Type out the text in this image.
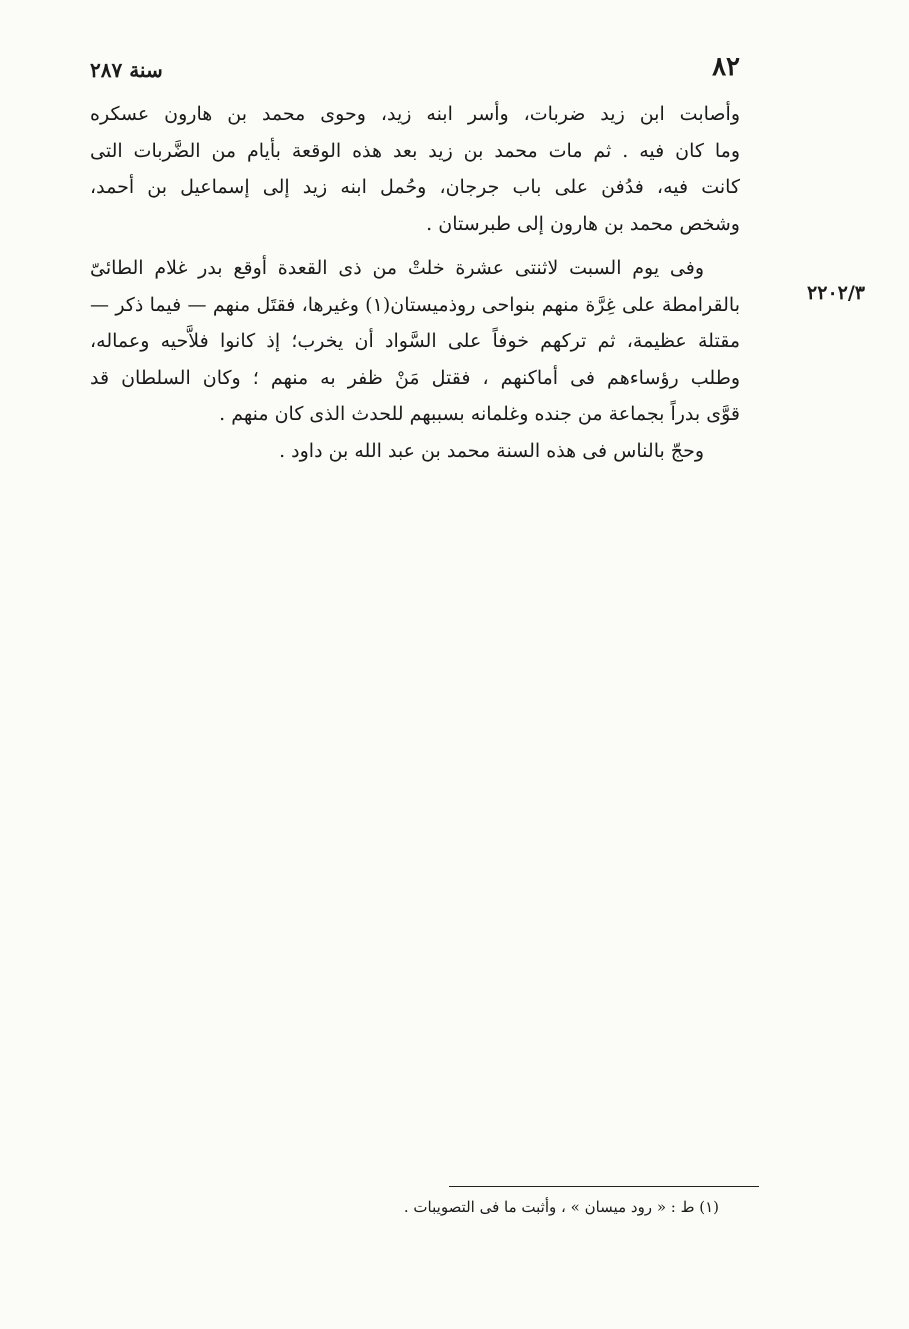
٨٢
سنة ٢٨٧
٢٢٠٢/٣
وأصابت ابن زيد ضربات، وأسر ابنه زيد، وحوى محمد بن هارون عسكره
وما كان فيه . ثم مات محمد بن زيد بعد هذه الوقعة بأيام من الضَّربات التى
كانت فيه، فدُفن على باب جرجان، وحُمل ابنه زيد إلى إسماعيل بن أحمد،
وشخص محمد بن هارون إلى طبرستان .
وفى يوم السبت لاثنتى عشرة خلتْ من ذى القعدة أوقع بدر غلام الطائىّ
بالقرامطة على غِرَّة منهم بنواحى روذميستان(١) وغيرها، فقتَل منهم — فيما ذكر —
مقتلة عظيمة، ثم تركهم خوفاً على السَّواد أن يخرب؛ إذ كانوا فلاَّحيه وعماله،
وطلب رؤساءهم فى أماكنهم ، فقتل مَنْ ظفر به منهم ؛ وكان السلطان قد
قوَّى بدراً بجماعة من جنده وغلمانه بسببهم للحدث الذى كان منهم .
وحجّ بالناس فى هذه السنة محمد بن عبد الله بن داود .
(١) ط : « رود ميسان » ، وأثبت ما فى التصويبات .
